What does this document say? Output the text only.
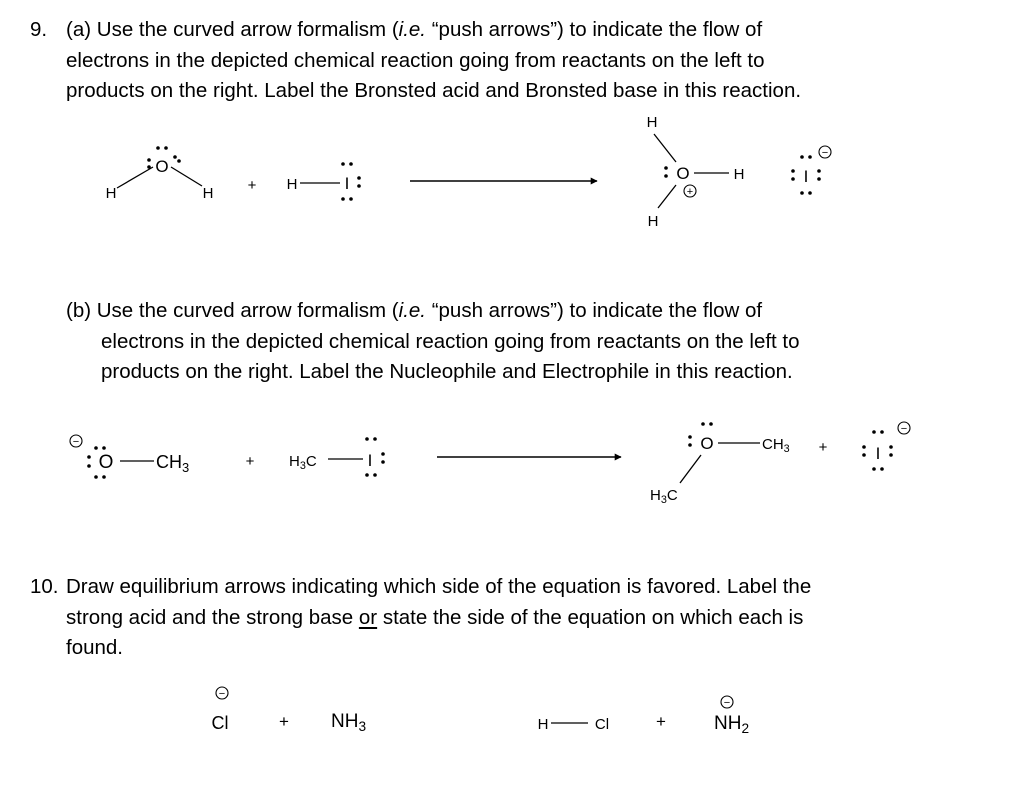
9. (a) Use the curved arrow formalism (i.e. “push arrows”) to indicate the flow of
electrons in the depicted chemical reaction going from reactants on the left to
products on the right. Label the Bronsted acid and Bronsted base in this reaction.
(b) Use the curved arrow formalism (i.e. “push arrows”) to indicate the flow of
electrons in the depicted chemical reaction going from reactants on the left to
products on the right. Label the Nucleophile and Electrophile in this reaction.
10. Draw equilibrium arrows indicating which side of the equation is favored. Label the
strong acid and the strong base or state the side of the equation on which each is
found.
O
H	H + H	I
H
O	H
H
+
I
−
−
O CH3	+ H3C	I
O	CH3
H3C
+	I
−
−
Cl	+ NH3	H	Cl	+
−
NH2
